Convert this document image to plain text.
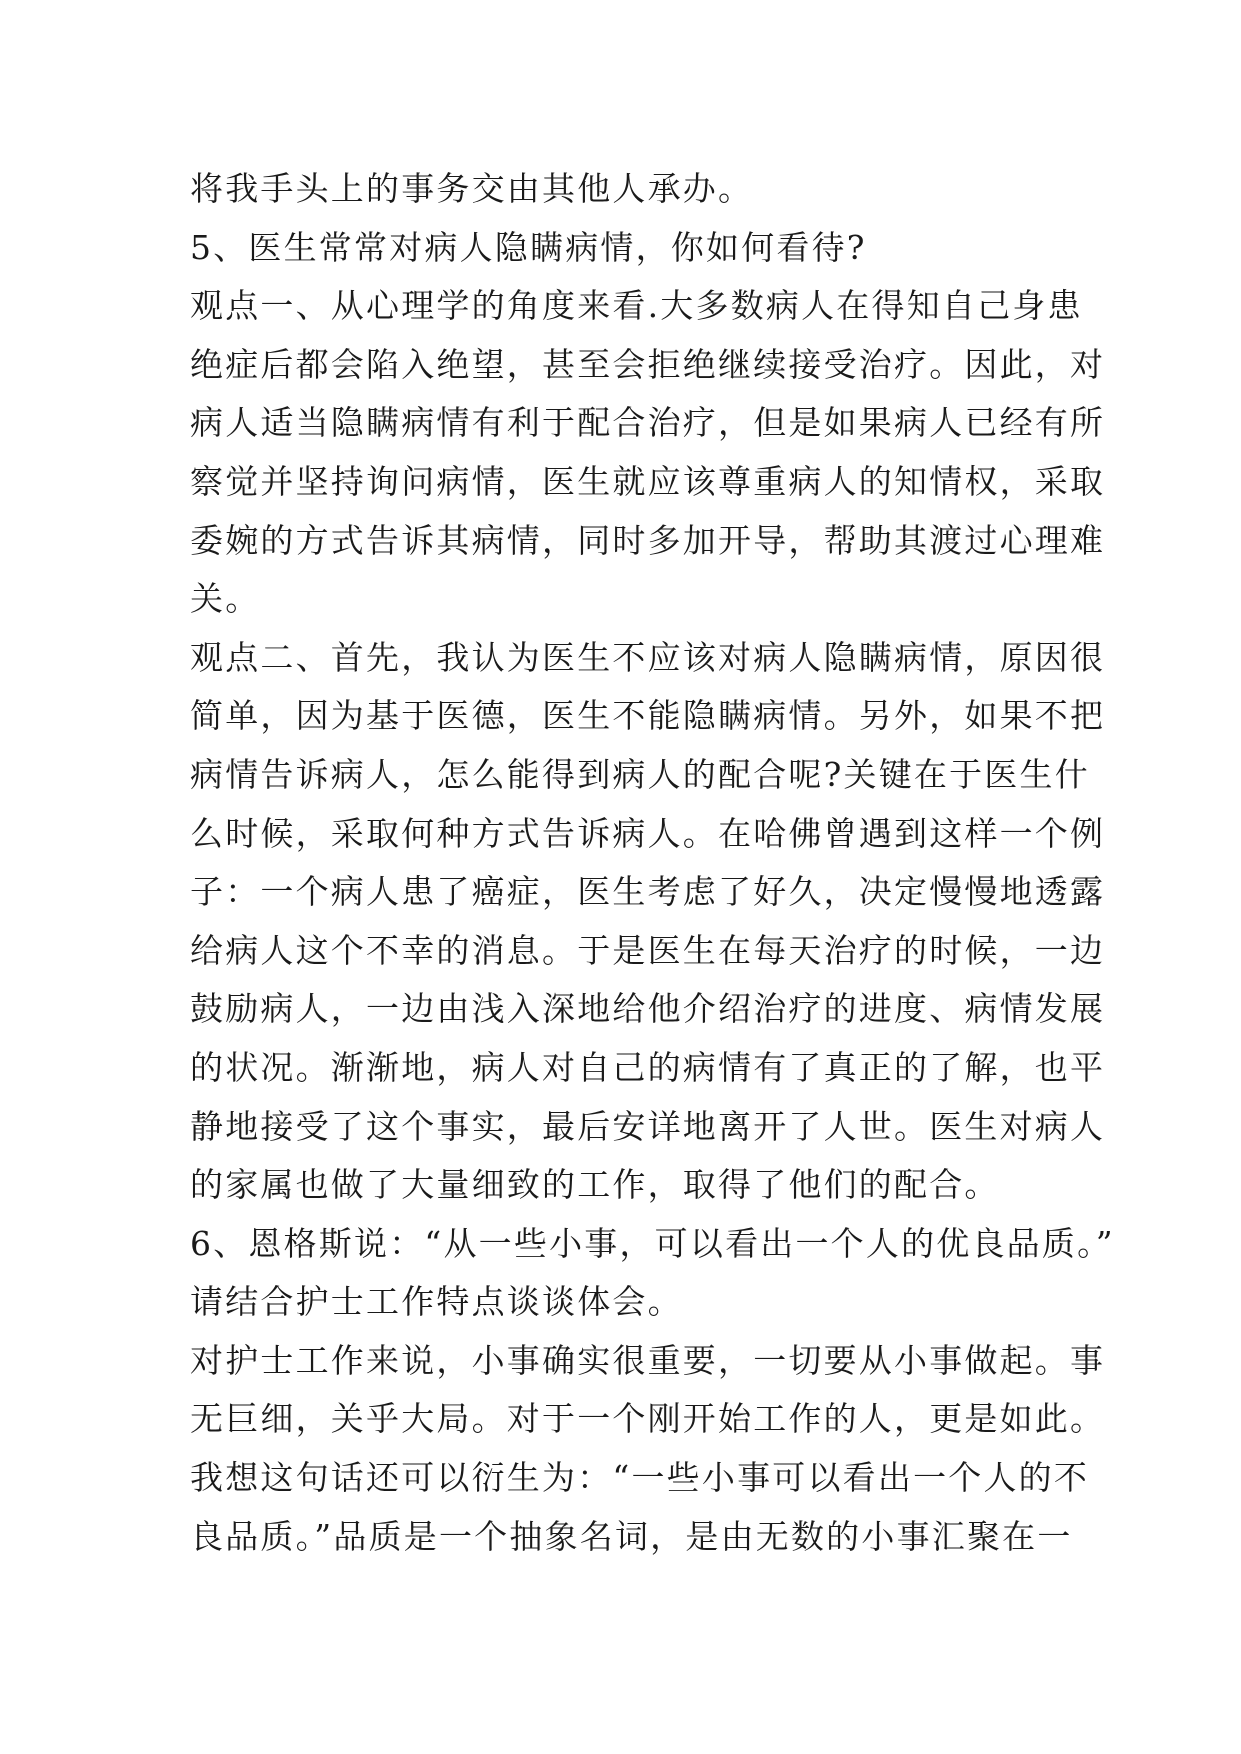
将我手头上的事务交由其他人承办。
5、医生常常对病人隐瞒病情，你如何看待?
观点一、从心理学的角度来看.大多数病人在得知自己身患
绝症后都会陷入绝望，甚至会拒绝继续接受治疗。因此，对
病人适当隐瞒病情有利于配合治疗，但是如果病人已经有所
察觉并坚持询问病情，医生就应该尊重病人的知情权，采取
委婉的方式告诉其病情，同时多加开导，帮助其渡过心理难
关。
观点二、首先，我认为医生不应该对病人隐瞒病情，原因很
简单，因为基于医德，医生不能隐瞒病情。另外，如果不把
病情告诉病人，怎么能得到病人的配合呢?关键在于医生什
么时候，采取何种方式告诉病人。在哈佛曾遇到这样一个例
子：一个病人患了癌症，医生考虑了好久，决定慢慢地透露
给病人这个不幸的消息。于是医生在每天治疗的时候，一边
鼓励病人，一边由浅入深地给他介绍治疗的进度、病情发展
的状况。渐渐地，病人对自己的病情有了真正的了解，也平
静地接受了这个事实，最后安详地离开了人世。医生对病人
的家属也做了大量细致的工作，取得了他们的配合。
6、恩格斯说：“从一些小事，可以看出一个人的优良品质。”
请结合护士工作特点谈谈体会。
对护士工作来说，小事确实很重要，一切要从小事做起。事
无巨细，关乎大局。对于一个刚开始工作的人，更是如此。
我想这句话还可以衍生为：“一些小事可以看出一个人的不
良品质。”品质是一个抽象名词，是由无数的小事汇聚在一
